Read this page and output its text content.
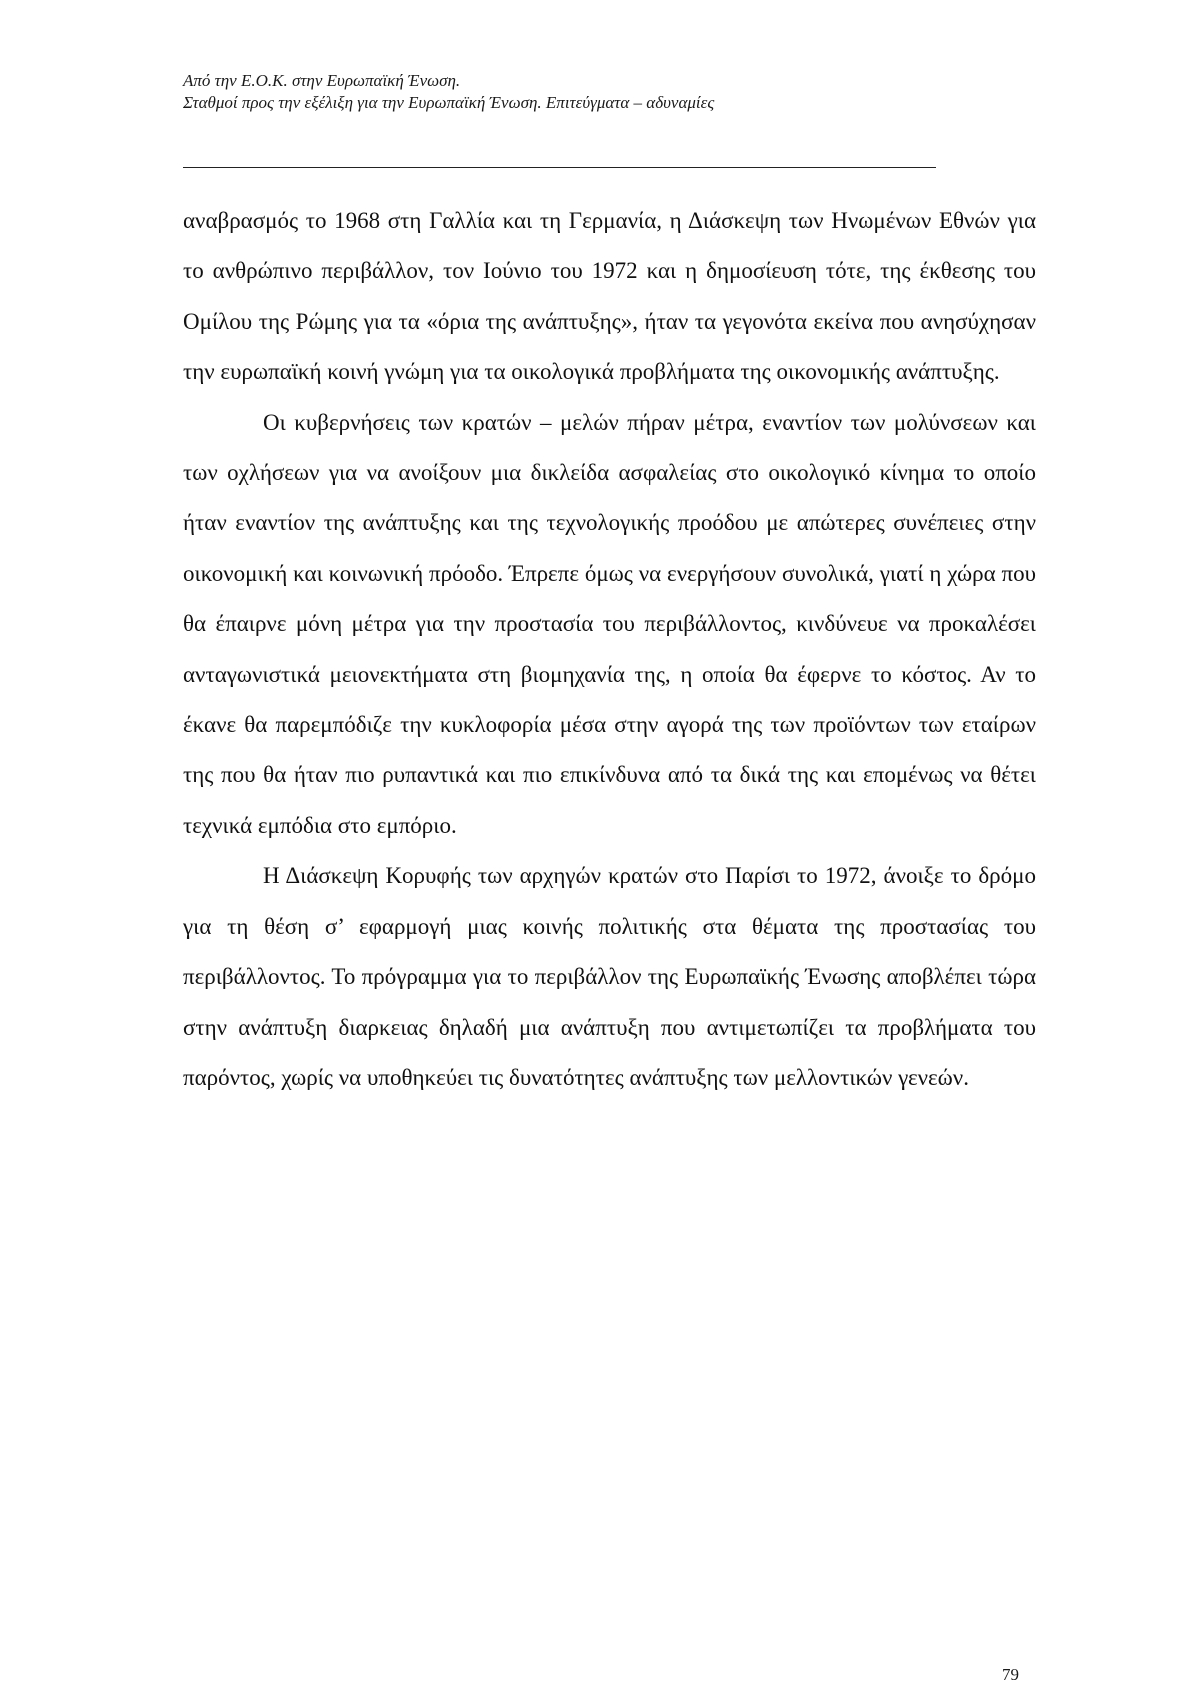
Από την Ε.Ο.Κ. στην Ευρωπαϊκή Ένωση.
Σταθμοί προς την εξέλιξη για την Ευρωπαϊκή Ένωση. Επιτεύγματα – αδυναμίες

αναβρασμός το 1968 στη Γαλλία και τη Γερμανία, η Διάσκεψη των Ηνωμένων Εθνών για το ανθρώπινο περιβάλλον, τον Ιούνιο του 1972 και η δημοσίευση τότε, της έκθεσης του Ομίλου της Ρώμης για τα «όρια της ανάπτυξης», ήταν τα γεγονότα εκείνα που ανησύχησαν την ευρωπαϊκή κοινή γνώμη για τα οικολογικά προβλήματα της οικονομικής ανάπτυξης.

Οι κυβερνήσεις των κρατών – μελών πήραν μέτρα, εναντίον των μολύνσεων και των οχλήσεων για να ανοίξουν μια δικλείδα ασφαλείας στο οικολογικό κίνημα το οποίο ήταν εναντίον της ανάπτυξης και της τεχνολογικής προόδου με απώτερες συνέπειες στην οικονομική και κοινωνική πρόοδο. Έπρεπε όμως να ενεργήσουν συνολικά, γιατί η χώρα που θα έπαιρνε μόνη μέτρα για την προστασία του περιβάλλοντος, κινδύνευε να προκαλέσει ανταγωνιστικά μειονεκτήματα στη βιομηχανία της, η οποία θα έφερνε το κόστος. Αν το έκανε θα παρεμπόδιζε την κυκλοφορία μέσα στην αγορά της των προϊόντων των εταίρων της που θα ήταν πιο ρυπαντικά και πιο επικίνδυνα από τα δικά της και επομένως να θέτει τεχνικά εμπόδια στο εμπόριο.

Η Διάσκεψη Κορυφής των αρχηγών κρατών στο Παρίσι το 1972, άνοιξε το δρόμο για τη θέση σ’ εφαρμογή μιας κοινής πολιτικής στα θέματα της προστασίας του περιβάλλοντος. Το πρόγραμμα για το περιβάλλον της Ευρωπαϊκής Ένωσης αποβλέπει τώρα στην ανάπτυξη διαρκειας δηλαδή μια ανάπτυξη που αντιμετωπίζει τα προβλήματα του παρόντος, χωρίς να υποθηκεύει τις δυνατότητες ανάπτυξης των μελλοντικών γενεών.

79
